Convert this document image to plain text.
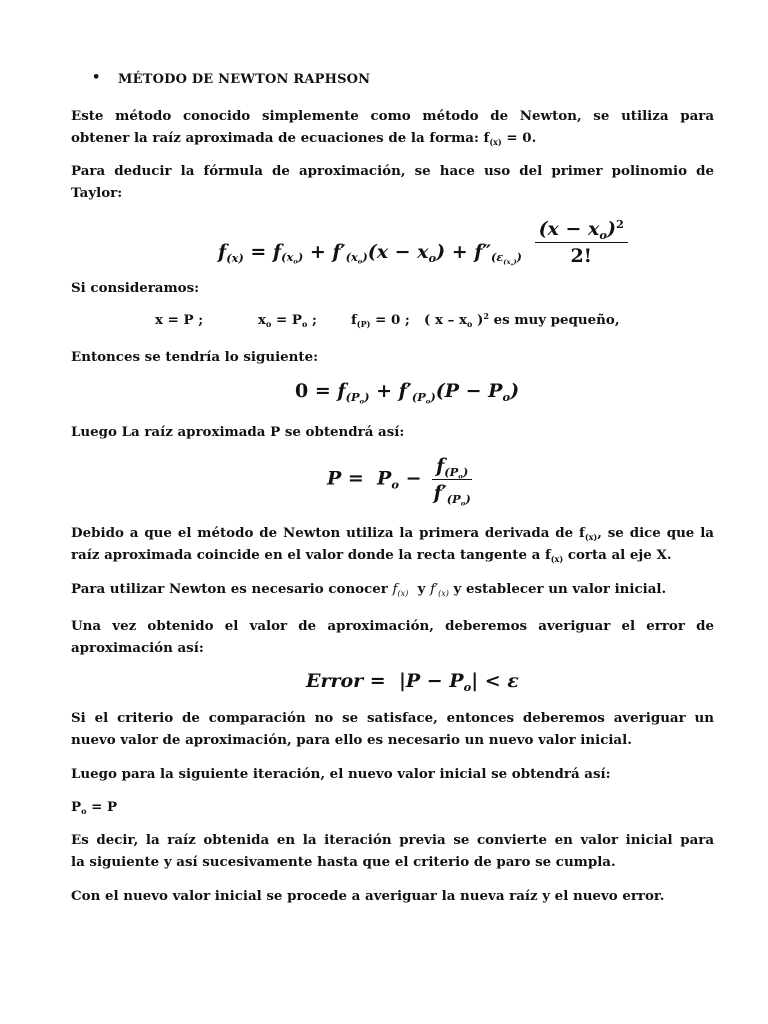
• MÉTODO DE NEWTON RAPHSON

Este método conocido simplemente como método de Newton, se utiliza para

obtener la raíz aproximada de ecuaciones de la forma: $f_{(x)} = 0$.

Para deducir la fórmula de aproximación, se hace uso del primer polinomio de

Taylor:

$f_{(x)} = f_{(x_o)} + f'_{(x_o)}(x - x_o) + f''_{(\varepsilon_{(x_o)})} \frac{(x - x_o)^2}{2!}$

Si consideramos:

x = P ;	$x_o = P_o$ ;	$f_{(P)} = 0$ ; ( x – $x_o$ )$^2$ es muy pequeño,

Entonces se tendría lo siguiente:

$0 = f_{(P_o)} + f'_{(P_o)}(P - P_o)$

Luego La raíz aproximada P se obtendrá así:

$P = P_o - \frac{f_{(P_o)}}{f'_{(P_o)}}$

Debido a que el método de Newton utiliza la primera derivada de $f_{(x)}$, se dice que la

raíz aproximada coincide en el valor donde la recta tangente a $f_{(x)}$ corta al eje X.

Para utilizar Newton es necesario conocer $f_{(x)}$  y $f'_{(x)}$ y establecer un valor inicial.

Una vez obtenido el valor de aproximación, deberemos averiguar el error de

aproximación así:

Error =  $|P - P_o| < \varepsilon$

Si el criterio de comparación no se satisface, entonces deberemos averiguar un

nuevo valor de aproximación, para ello es necesario un nuevo valor inicial.

Luego para la siguiente iteración, el nuevo valor inicial se obtendrá así:

$P_o = P$

Es decir, la raíz obtenida en la iteración previa se convierte en valor inicial para

la siguiente y así sucesivamente hasta que el criterio de paro se cumpla.

Con el nuevo valor inicial se procede a averiguar la nueva raíz y el nuevo error.
